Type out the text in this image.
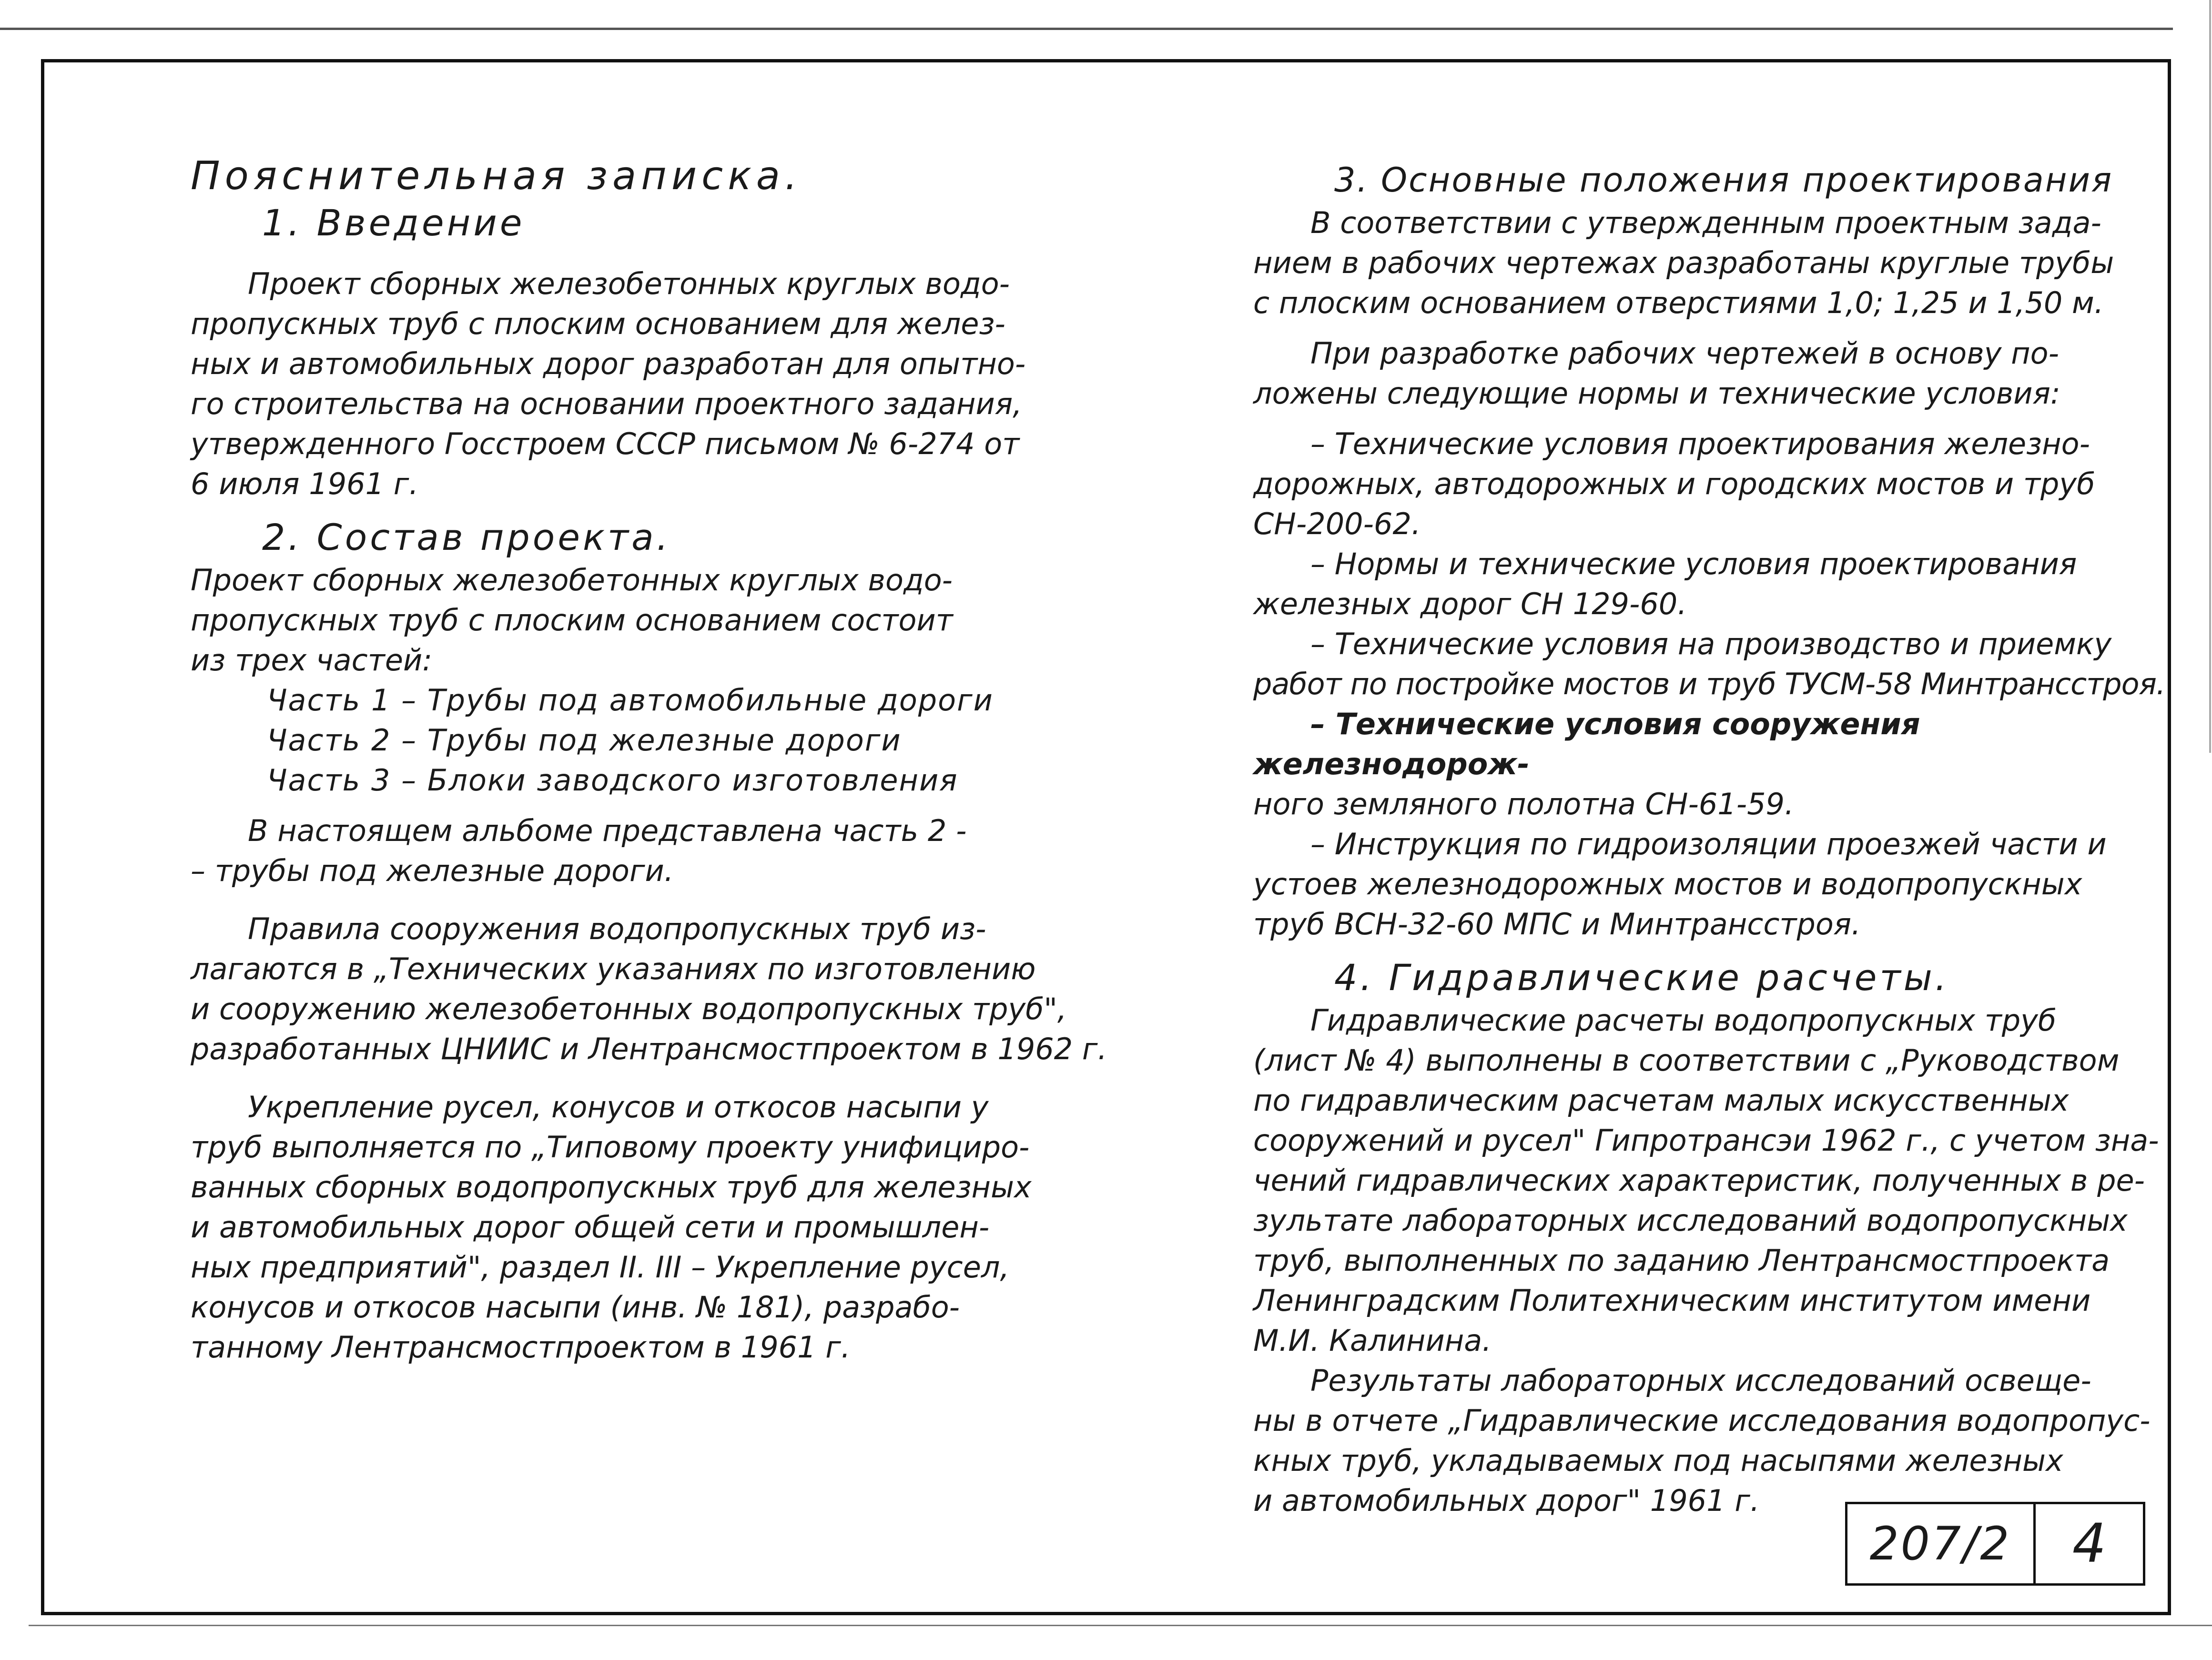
Пояснительная записка.

1. Введение

Проект сборных железобетонных круглых водо-

пропускных труб с плоским основанием для желез-

ных и автомобильных дорог разработан для опытно-

го строительства на основании проектного задания,

утвержденного Госстроем СССР письмом № 6-274 от

6 июля 1961 г.

2. Состав проекта.

Проект сборных железобетонных круглых водо-

пропускных труб с плоским основанием состоит

из трех частей:

Часть 1 – Трубы под автомобильные дороги

Часть 2 – Трубы под железные дороги

Часть 3 – Блоки заводского изготовления

В настоящем альбоме представлена часть 2 -

– трубы под железные дороги.

Правила сооружения водопропускных труб из-

лагаются в „Технических указаниях по изготовлению

и сооружению железобетонных водопропускных труб",

разработанных ЦНИИС и Лентрансмостпроектом в 1962 г.

Укрепление русел, конусов и откосов насыпи у

труб выполняется по „Типовому проекту унифициро-

ванных сборных водопропускных труб для железных

и автомобильных дорог общей сети и промышлен-

ных предприятий", раздел II. III – Укрепление русел,

конусов и откосов насыпи (инв. № 181), разрабо-

танному Лентрансмостпроектом в 1961 г.

3. Основные положения проектирования

В соответствии с утвержденным проектным зада-

нием в рабочих чертежах разработаны круглые трубы

с плоским основанием отверстиями 1,0; 1,25 и 1,50 м.

При разработке рабочих чертежей в основу по-

ложены следующие нормы и технические условия:

– Технические условия проектирования железно-

дорожных, автодорожных и городских мостов и труб

СН-200-62.

– Нормы и технические условия проектирования

железных дорог СН 129-60.

– Технические условия на производство и приемку

работ по постройке мостов и труб ТУСМ-58 Минтрансстроя.

– Технические условия сооружения железнодорож-

ного земляного полотна СН-61-59.

– Инструкция по гидроизоляции проезжей части и

устоев железнодорожных мостов и водопропускных

труб ВСН-32-60 МПС и Минтрансстроя.

4. Гидравлические расчеты.

Гидравлические расчеты водопропускных труб

(лист № 4) выполнены в соответствии с „Руководством

по гидравлическим расчетам малых искусственных

сооружений и русел" Гипротрансэи 1962 г., с учетом зна-

чений гидравлических характеристик, полученных в ре-

зультате лабораторных исследований водопропускных

труб, выполненных по заданию Лентрансмостпроекта

Ленинградским Политехническим институтом имени

М.И. Калинина.

Результаты лабораторных исследований освеще-

ны в отчете „Гидравлические исследования водопропус-

кных труб, укладываемых под насыпями железных

и автомобильных дорог" 1961 г.

207/2	4
